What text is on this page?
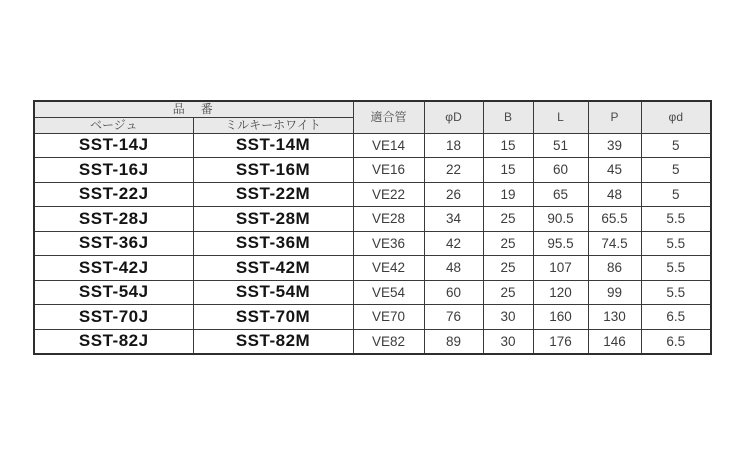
品　番		適合管	φD	B	L	P	φd
ベージュ	ミルキーホワイト						
SST-14J	SST-14M	VE14	18	15	51	39	5
SST-16J	SST-16M	VE16	22	15	60	45	5
SST-22J	SST-22M	VE22	26	19	65	48	5
SST-28J	SST-28M	VE28	34	25	90.5	65.5	5.5
SST-36J	SST-36M	VE36	42	25	95.5	74.5	5.5
SST-42J	SST-42M	VE42	48	25	107	86	5.5
SST-54J	SST-54M	VE54	60	25	120	99	5.5
SST-70J	SST-70M	VE70	76	30	160	130	6.5
SST-82J	SST-82M	VE82	89	30	176	146	6.5
